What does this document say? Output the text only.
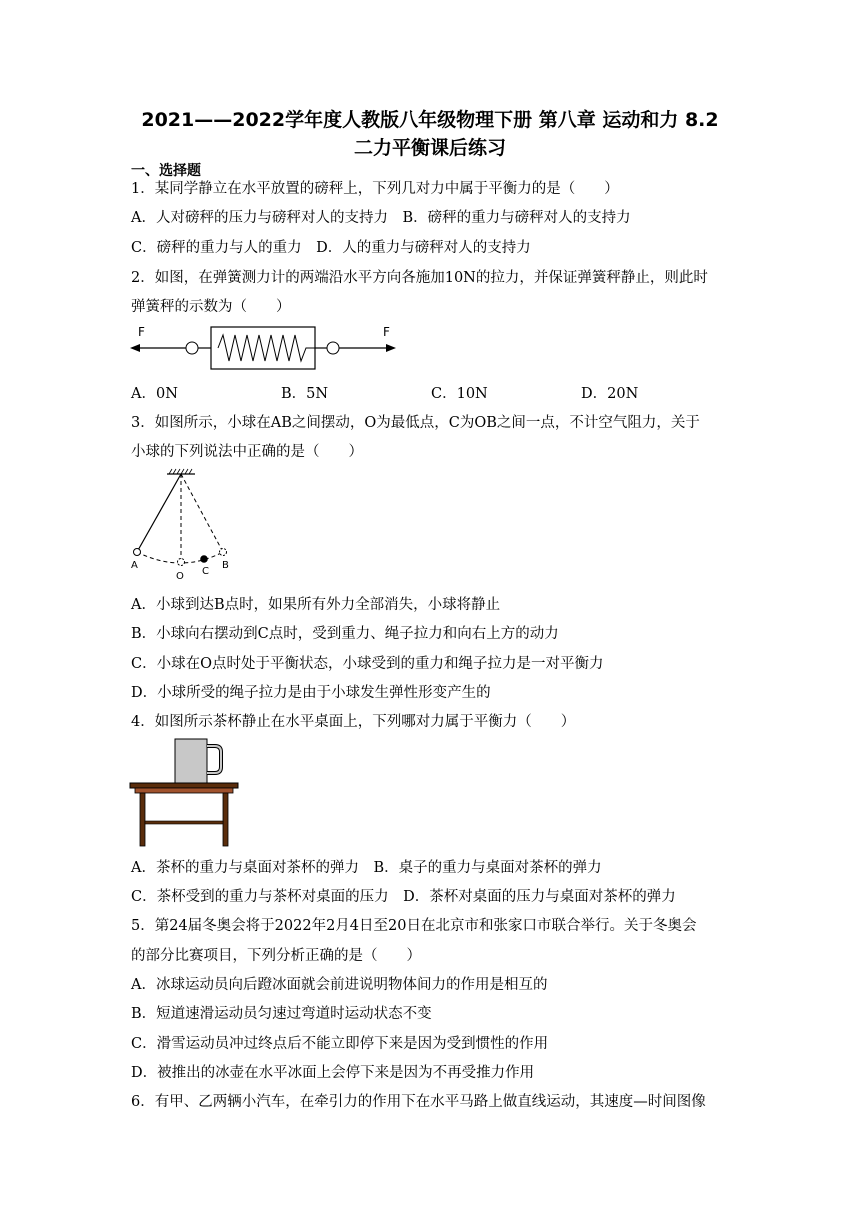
2021——2022学年度人教版八年级物理下册 第八章 运动和力 8.2
二力平衡课后练习
一、选择题
1．某同学静立在水平放置的磅秤上，下列几对力中属于平衡力的是（　　）
A．人对磅秤的压力与磅秤对人的支持力　B．磅秤的重力与磅秤对人的支持力
C．磅秤的重力与人的重力　D．人的重力与磅秤对人的支持力
2．如图，在弹簧测力计的两端沿水平方向各施加10N的拉力，并保证弹簧秤静止，则此时
弹簧秤的示数为（　　）
F	F
A．0N	B．5N	C．10N	D．20N
3．如图所示，小球在AB之间摆动，O为最低点，C为OB之间一点，不计空气阻力，关于
小球的下列说法中正确的是（　　）
A
O C
B
A．小球到达B点时，如果所有外力全部消失，小球将静止
B．小球向右摆动到C点时，受到重力、绳子拉力和向右上方的动力
C．小球在O点时处于平衡状态，小球受到的重力和绳子拉力是一对平衡力
D．小球所受的绳子拉力是由于小球发生弹性形变产生的
4．如图所示茶杯静止在水平桌面上，下列哪对力属于平衡力（　　）
A．茶杯的重力与桌面对茶杯的弹力　B．桌子的重力与桌面对茶杯的弹力
C．茶杯受到的重力与茶杯对桌面的压力　D．茶杯对桌面的压力与桌面对茶杯的弹力
5．第24届冬奥会将于2022年2月4日至20日在北京市和张家口市联合举行。关于冬奥会
的部分比赛项目，下列分析正确的是（　　）
A．冰球运动员向后蹬冰面就会前进说明物体间力的作用是相互的
B．短道速滑运动员匀速过弯道时运动状态不变
C．滑雪运动员冲过终点后不能立即停下来是因为受到惯性的作用
D．被推出的冰壶在水平冰面上会停下来是因为不再受推力作用
6．有甲、乙两辆小汽车，在牵引力的作用下在水平马路上做直线运动，其速度—时间图像
